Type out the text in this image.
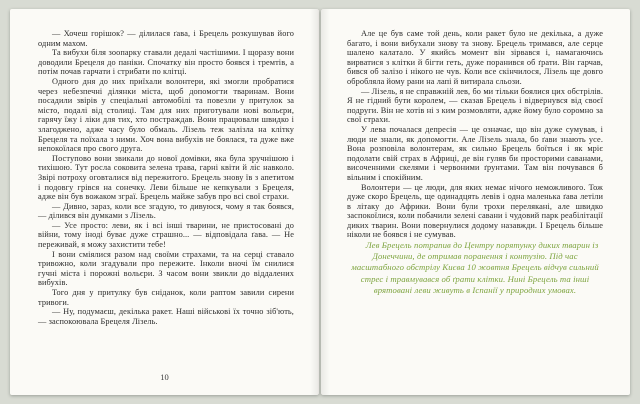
— Хочеш горішок? — ділилася ґава, і Брецель розкушував його одним махом.

Та вибухи біля зоопарку ставали дедалі частішими. І щоразу вони доводили Брецеля до паніки. Спочатку він просто боявся і тремтів, а потім почав гарчати і стрибати по клітці.

Одного дня до них приїхали волонтери, які змогли пробратися через небезпечні ділянки міста, щоб допомогти тваринам. Вони посадили звірів у спеціальні автомобілі та повезли у притулок за місто, подалі від столиці. Там для них приготували нові вольєри, гарячу їжу і ліки для тих, хто постраждав. Вони працювали швидко і злагоджено, адже часу було обмаль. Лізель теж залізла на клітку Брецеля та поїхала з ними. Хоч вона вибухів не боялася, та дуже вже непокоїлася про свого друга.

Поступово вони звикали до нової домівки, яка була зручнішою і тихішою. Тут росла соковита зелена трава, гарні квіти й ліс навколо. Звірі потроху оговталися від пережитого. Брецель знову їв з апетитом і подовгу грівся на сонечку. Леви більше не кепкували з Брецеля, адже він був вожаком зграї. Брецель майже забув про всі свої страхи.

— Дивно, зараз, коли все згадую, то дивуюся, чому я так боявся, — ділився він думками з Лізель.

— Усе просто: леви, як і всі інші тварини, не пристосовані до війни, тому іноді буває дуже страшно... — відповідала ґава. — Не переживай, я можу захистити тебе!

І вони сміялися разом над своїми страхами, та на серці ставало тривожно, коли згадували про пережите. Інколи вночі їм снилися гучні міста і порожні вольєри. З часом вони звикли до віддалених вибухів.

Того дня у притулку був сніданок, коли раптом завили сирени тривоги.

— Ну, подумаєш, декілька ракет. Наші військові їх точно зіб'ють, — заспокоювала Брецеля Лізель.

10

Але це був саме той день, коли ракет було не декілька, а дуже багато, і вони вибухали знову та знову. Брецель тримався, але серце шалено калатало. У якийсь момент він зірвався і, намагаючись вирватися з клітки й бігти геть, дуже поранився об ґрати. Він гарчав, бився об залізо і нікого не чув. Коли все скінчилося, Лізель ще довго обробляла йому рани на лапі й витирала сльози.

— Лізель, я не справжній лев, бо ми тільки боялися цих обстрілів. Я не гідний бути королем, — сказав Брецель і відвернувся від своєї подруги. Він не хотів ні з ким розмовляти, адже йому було соромно за свої страхи.

У лева почалася депресія — це означає, що він дуже сумував, і люди не знали, як допомогти. Але Лізель знала, бо ґави знають усе. Вона розповіла волонтерам, як сильно Брецель боїться і як мріє подолати свій страх в Африці, де він гуляв би просторими саванами, височенними скелями і червоними ґрунтами. Там він почувався б вільним і спокійним.

Волонтери — це люди, для яких немає нічого неможливого. Тож дуже скоро Брецель, ще одинадцять левів і одна маленька ґава летіли в літаку до Африки. Вони були трохи перелякані, але швидко заспокоїлися, коли побачили зелені савани і чудовий парк реабілітації диких тварин. Вони повернулися додому назавжди. І Брецель більше ніколи не боявся і не сумував.

Лев Брецель потрапив до Центру порятунку диких тварин із Донеччини, де отримав поранення і контузію. Під час масштабного обстрілу Києва 10 жовтня Брецель відчув сильний стрес і травмувався об ґрати клітки. Нині Брецель та інші врятовані леви живуть в Іспанії у природних умовах.
